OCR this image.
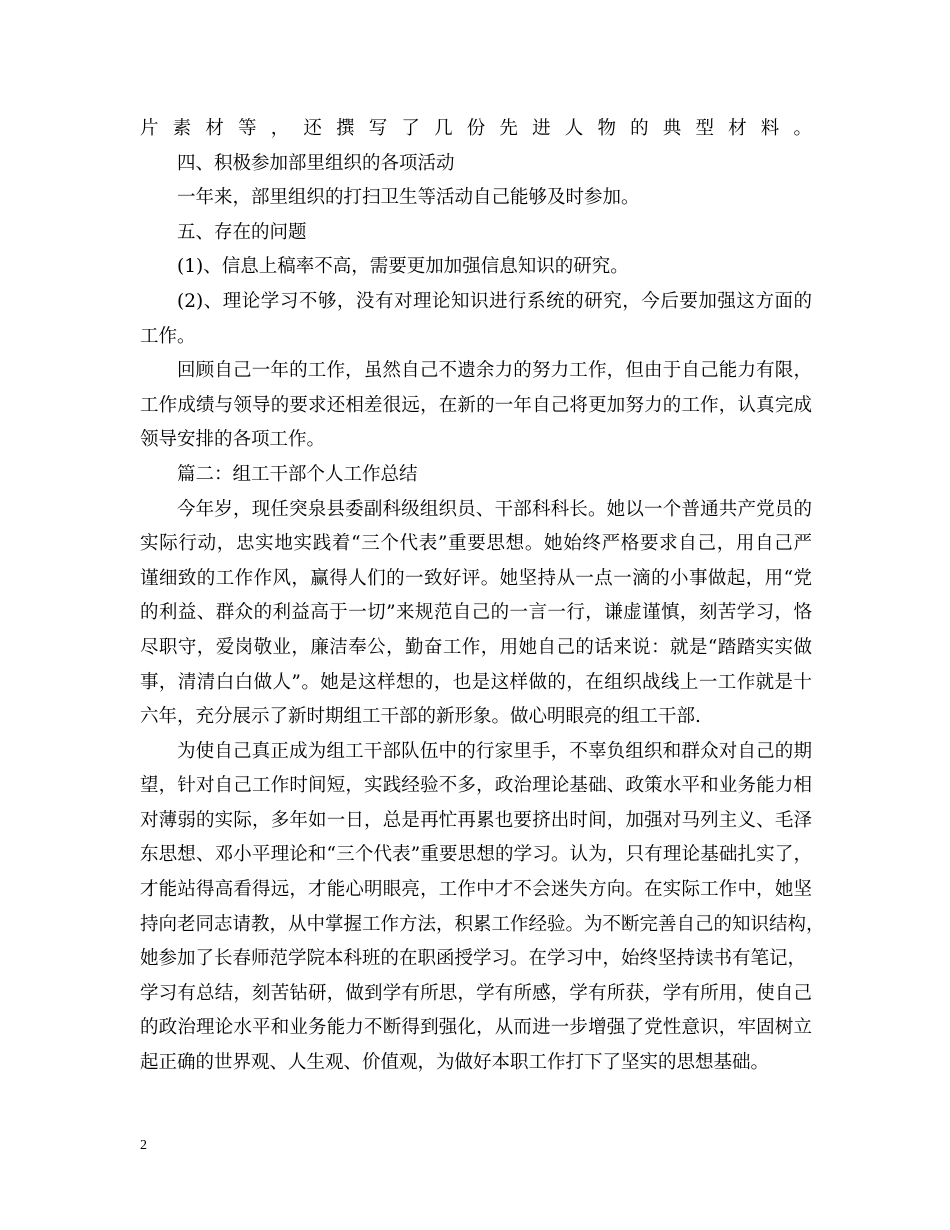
片素材等，还撰写了几份先进人物的典型材料。
四、积极参加部里组织的各项活动
一年来，部里组织的打扫卫生等活动自己能够及时参加。
五、存在的问题
(1)、信息上稿率不高，需要更加加强信息知识的研究。
(2)、理论学习不够，没有对理论知识进行系统的研究，今后要加强这方面的
工作。
回顾自己一年的工作，虽然自己不遗余力的努力工作，但由于自己能力有限，
工作成绩与领导的要求还相差很远，在新的一年自己将更加努力的工作，认真完成
领导安排的各项工作。
篇二：组工干部个人工作总结
今年岁，现任突泉县委副科级组织员、干部科科长。她以一个普通共产党员的
实际行动，忠实地实践着“三个代表”重要思想。她始终严格要求自己，用自己严
谨细致的工作作风，赢得人们的一致好评。她坚持从一点一滴的小事做起，用“党
的利益、群众的利益高于一切”来规范自己的一言一行，谦虚谨慎，刻苦学习，恪
尽职守，爱岗敬业，廉洁奉公，勤奋工作，用她自己的话来说：就是“踏踏实实做
事，清清白白做人”。她是这样想的，也是这样做的，在组织战线上一工作就是十
六年，充分展示了新时期组工干部的新形象。做心明眼亮的组工干部.
为使自己真正成为组工干部队伍中的行家里手，不辜负组织和群众对自己的期
望，针对自己工作时间短，实践经验不多，政治理论基础、政策水平和业务能力相
对薄弱的实际，多年如一日，总是再忙再累也要挤出时间，加强对马列主义、毛泽
东思想、邓小平理论和“三个代表”重要思想的学习。认为，只有理论基础扎实了，
才能站得高看得远，才能心明眼亮，工作中才不会迷失方向。在实际工作中，她坚
持向老同志请教，从中掌握工作方法，积累工作经验。为不断完善自己的知识结构，
她参加了长春师范学院本科班的在职函授学习。在学习中，始终坚持读书有笔记，
学习有总结，刻苦钻研，做到学有所思，学有所感，学有所获，学有所用，使自己
的政治理论水平和业务能力不断得到强化，从而进一步增强了党性意识，牢固树立
起正确的世界观、人生观、价值观，为做好本职工作打下了坚实的思想基础。
2
